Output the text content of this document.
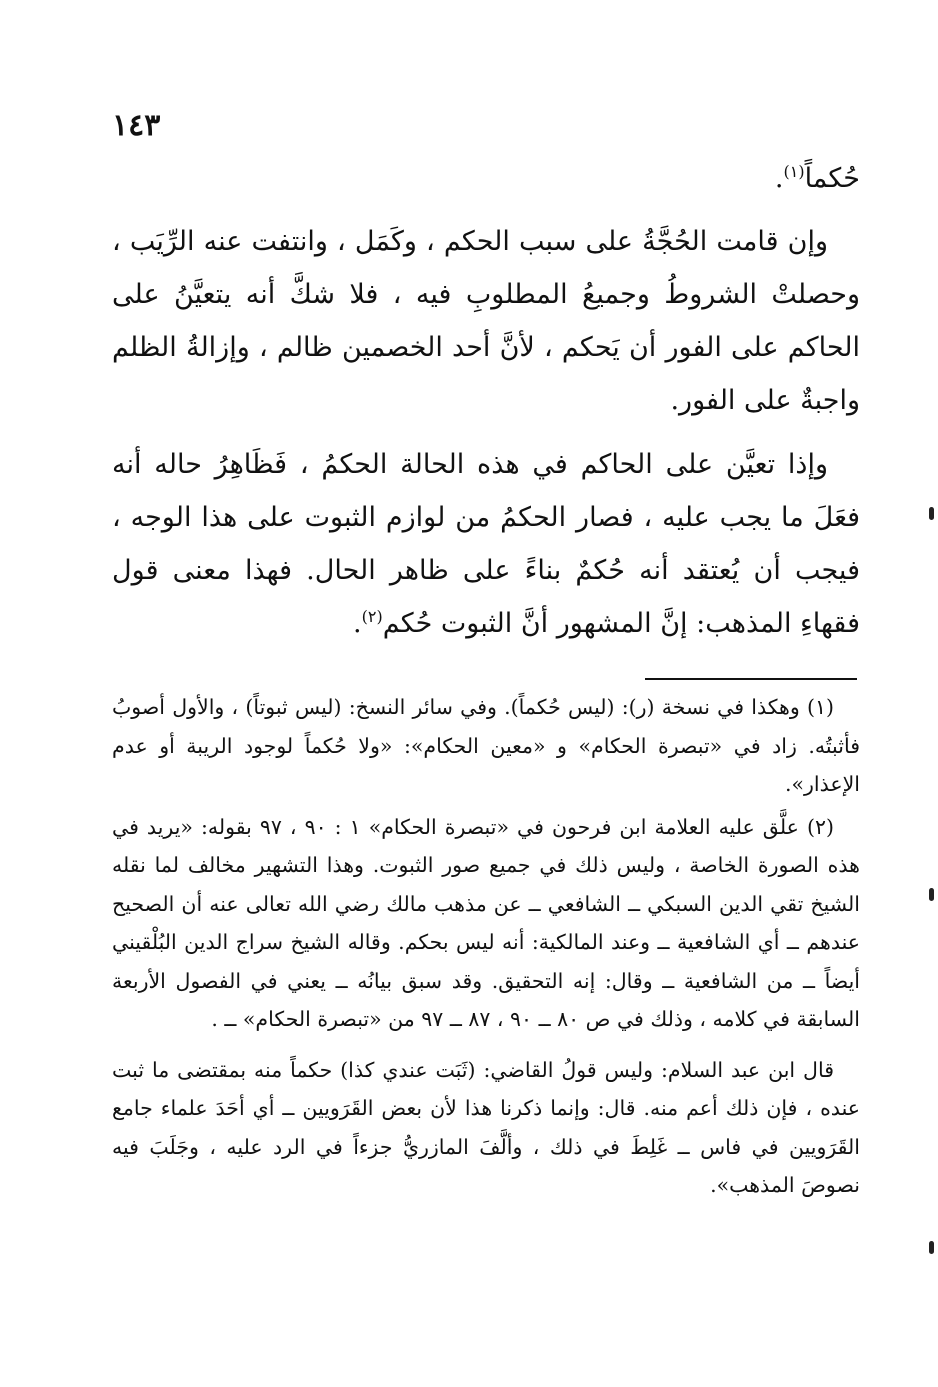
١٤٣

حُكماً$^{(١)}$.

وإن قامت الحُجَّةُ على سبب الحكم ، وكَمَل ، وانتفت عنه الرِّيَب ، وحصلتْ الشروطُ وجميعُ المطلوبِ فيه ، فلا شكَّ أنه يتعيَّنُ على الحاكم على الفور أن يَحكم ، لأنَّ أحد الخصمين ظالم ، وإزالةُ الظلم واجبةٌ على الفور.

وإذا تعيَّن على الحاكم في هذه الحالة الحكمُ ، فَظَاهِرُ حاله أنه فعَلَ ما يجب عليه ، فصار الحكمُ من لوازم الثبوت على هذا الوجه ، فيجب أن يُعتقد أنه حُكمٌ بناءً على ظاهر الحال. فهذا معنى قول فقهاءِ المذهب: إنَّ المشهور أنَّ الثبوت حُكم$^{(٢)}$.

(١) وهكذا في نسخة (ر): (ليس حُكماً). وفي سائر النسخ: (ليس ثبوتاً) ، والأول أصوبُ فأثبتُه. زاد في «تبصرة الحكام» و «معين الحكام»: «ولا حُكماً لوجود الريبة أو عدم الإعذار».

(٢) علَّق عليه العلامة ابن فرحون في «تبصرة الحكام» ١ : ٩٠ ، ٩٧ بقوله: «يريد في هذه الصورة الخاصة ، وليس ذلك في جميع صور الثبوت. وهذا التشهير مخالف لما نقله الشيخ تقي الدين السبكي ــ الشافعي ــ عن مذهب مالك رضي الله تعالى عنه أن الصحيح عندهم ــ أي الشافعية ــ وعند المالكية: أنه ليس بحكم. وقاله الشيخ سراج الدين البُلْقيني أيضاً ــ من الشافعية ــ وقال: إنه التحقيق. وقد سبق بيانُه ــ يعني في الفصول الأربعة السابقة في كلامه ، وذلك في ص ٨٠ ــ ٩٠ ، ٨٧ ــ ٩٧ من «تبصرة الحكام» ــ .

قال ابن عبد السلام: وليس قولُ القاضي: (ثَبَت عندي كذا) حكماً منه بمقتضى ما ثبت عنده ، فإن ذلك أعم منه. قال: وإنما ذكرنا هذا لأن بعض القَرَويين ــ أي أحَدَ علماء جامع القَرَويين في فاس ــ غَلِطَ في ذلك ، وألَّفَ المازريُّ جزءاً في الرد عليه ، وجَلَبَ فيه نصوصَ المذهب».
